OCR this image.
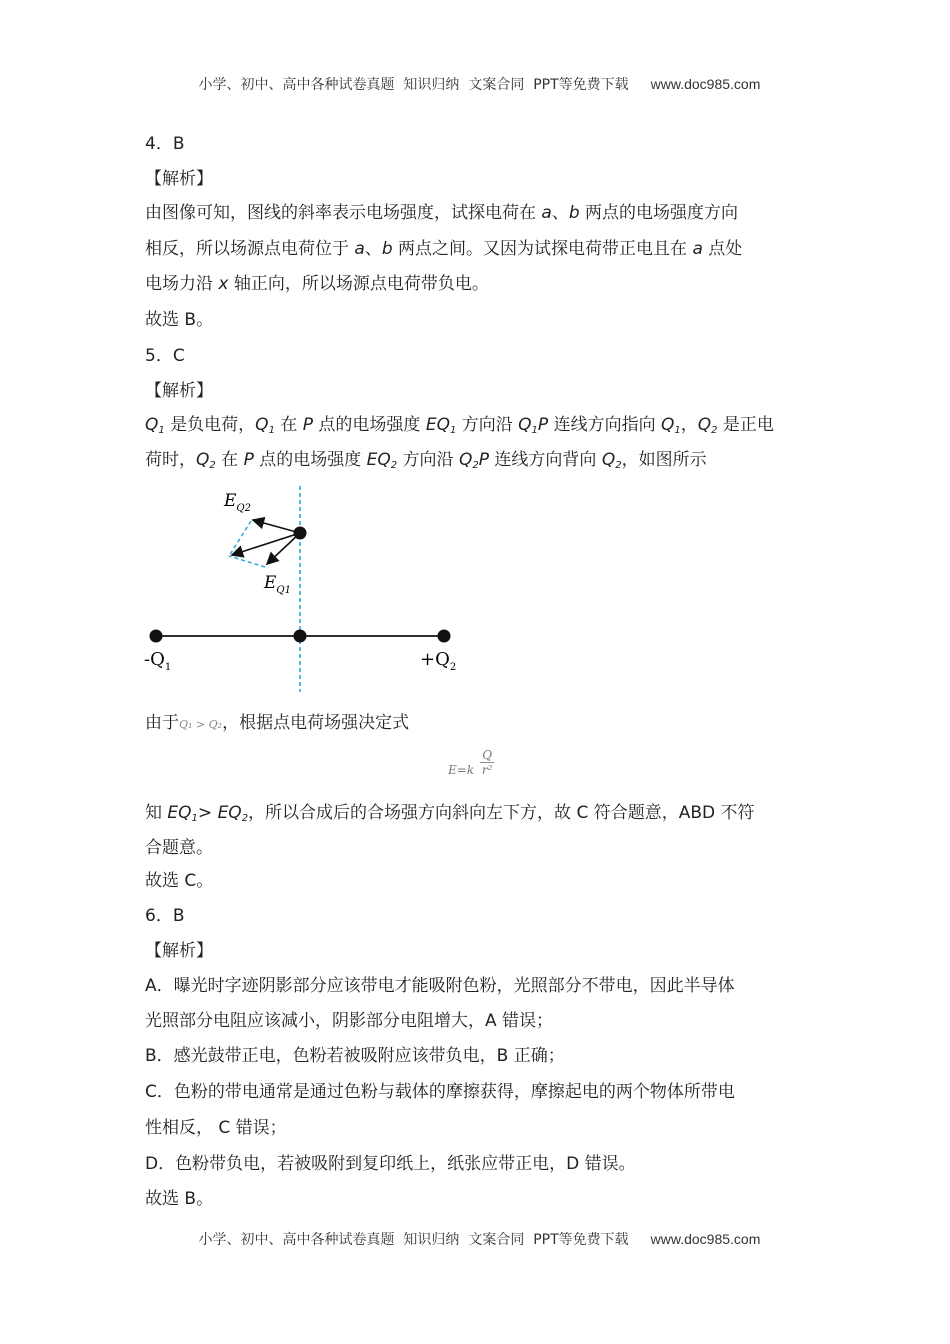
小学、初中、高中各种试卷真题  知识归纳  文案合同  PPT等免费下载 www.doc985.com

4．B
【解析】
由图像可知，图线的斜率表示电场强度，试探电荷在 a、b 两点的电场强度方向
相反，所以场源点电荷位于 a、b 两点之间。又因为试探电荷带正电且在 a 点处
电场力沿 x 轴正向，所以场源点电荷带负电。
故选 B。
5．C
【解析】
$Q_1$ 是负电荷，$Q_1$ 在 P 点的电场强度 $EQ_1$ 方向沿 $Q_1P$ 连线方向指向 $Q_1$，$Q_2$ 是正电
荷时，$Q_2$ 在 P 点的电场强度 $EQ_2$ 方向沿 $Q_2P$ 连线方向背向 $Q_2$，如图所示
$E_{Q2}$
$E_{Q1}$
$-Q_1$	$+Q_2$
由于Q₁ > Q₂，根据点电荷场强决定式
$E=k \frac{Q}{\text{r²}}$
知 $EQ_1> EQ_2$，所以合成后的合场强方向斜向左下方，故 C 符合题意，ABD 不符
合题意。
故选 C。
6．B
【解析】
A．曝光时字迹阴影部分应该带电才能吸附色粉，光照部分不带电，因此半导体
光照部分电阻应该减小，阴影部分电阻增大，A 错误；
B．感光鼓带正电，色粉若被吸附应该带负电，B 正确；
C．色粉的带电通常是通过色粉与载体的摩擦获得，摩擦起电的两个物体所带电
性相反， C 错误；
D．色粉带负电，若被吸附到复印纸上，纸张应带正电，D 错误。
故选 B。

小学、初中、高中各种试卷真题  知识归纳  文案合同  PPT等免费下载 www.doc985.com
